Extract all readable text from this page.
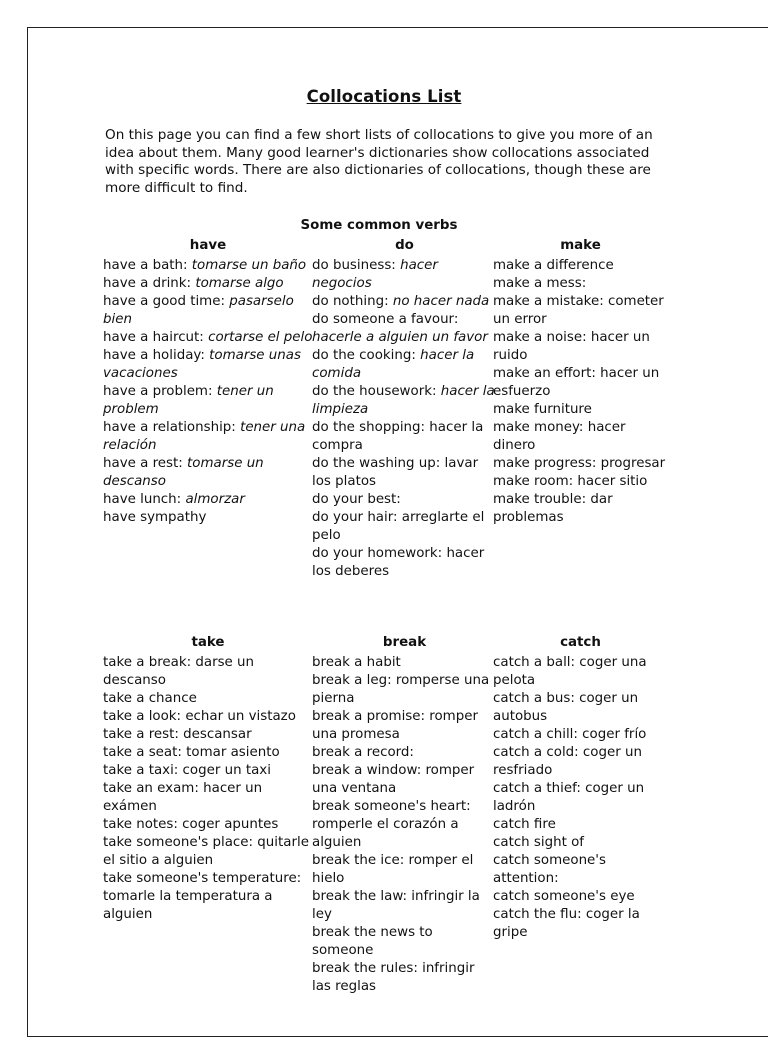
Collocations List

On this page you can find a few short lists of collocations to give you more of an idea about them. Many good learner's dictionaries show collocations associated with specific words. There are also dictionaries of collocations, though these are more difficult to find.

Some common verbs
have
have a bath: tomarse un baño
have a drink: tomarse algo
have a good time: pasarselo bien
have a haircut: cortarse el pelo
have a holiday: tomarse unas vacaciones
have a problem: tener un problem
have a relationship: tener una relación
have a rest: tomarse un descanso
have lunch: almorzar
have sympathy
do
do business: hacer negocios
do nothing: no hacer nada
do someone a favour: hacerle a alguien un favor
do the cooking: hacer la comida
do the housework: hacer la limpieza
do the shopping: hacer la compra
do the washing up: lavar los platos
do your best:
do your hair: arreglarte el pelo
do your homework: hacer los deberes
make
make a difference
make a mess:
make a mistake: cometer un error
make a noise: hacer un ruido
make an effort: hacer un esfuerzo
make furniture
make money: hacer dinero
make progress: progresar
make room: hacer sitio
make trouble: dar problemas
take
take a break: darse un descanso
take a chance
take a look: echar un vistazo
take a rest: descansar
take a seat: tomar asiento
take a taxi: coger un taxi
take an exam: hacer un exámen
take notes: coger apuntes
take someone's place: quitarle el sitio a alguien
take someone's temperature: tomarle la temperatura a alguien
break
break a habit
break a leg: romperse una pierna
break a promise: romper una promesa
break a record:
break a window: romper una ventana
break someone's heart: romperle el corazón a alguien
break the ice: romper el hielo
break the law: infringir la ley
break the news to someone
break the rules: infringir las reglas
catch
catch a ball: coger una pelota
catch a bus: coger un autobus
catch a chill: coger frío
catch a cold: coger un resfriado
catch a thief: coger un ladrón
catch fire
catch sight of
catch someone's attention:
catch someone's eye
catch the flu: coger la gripe
